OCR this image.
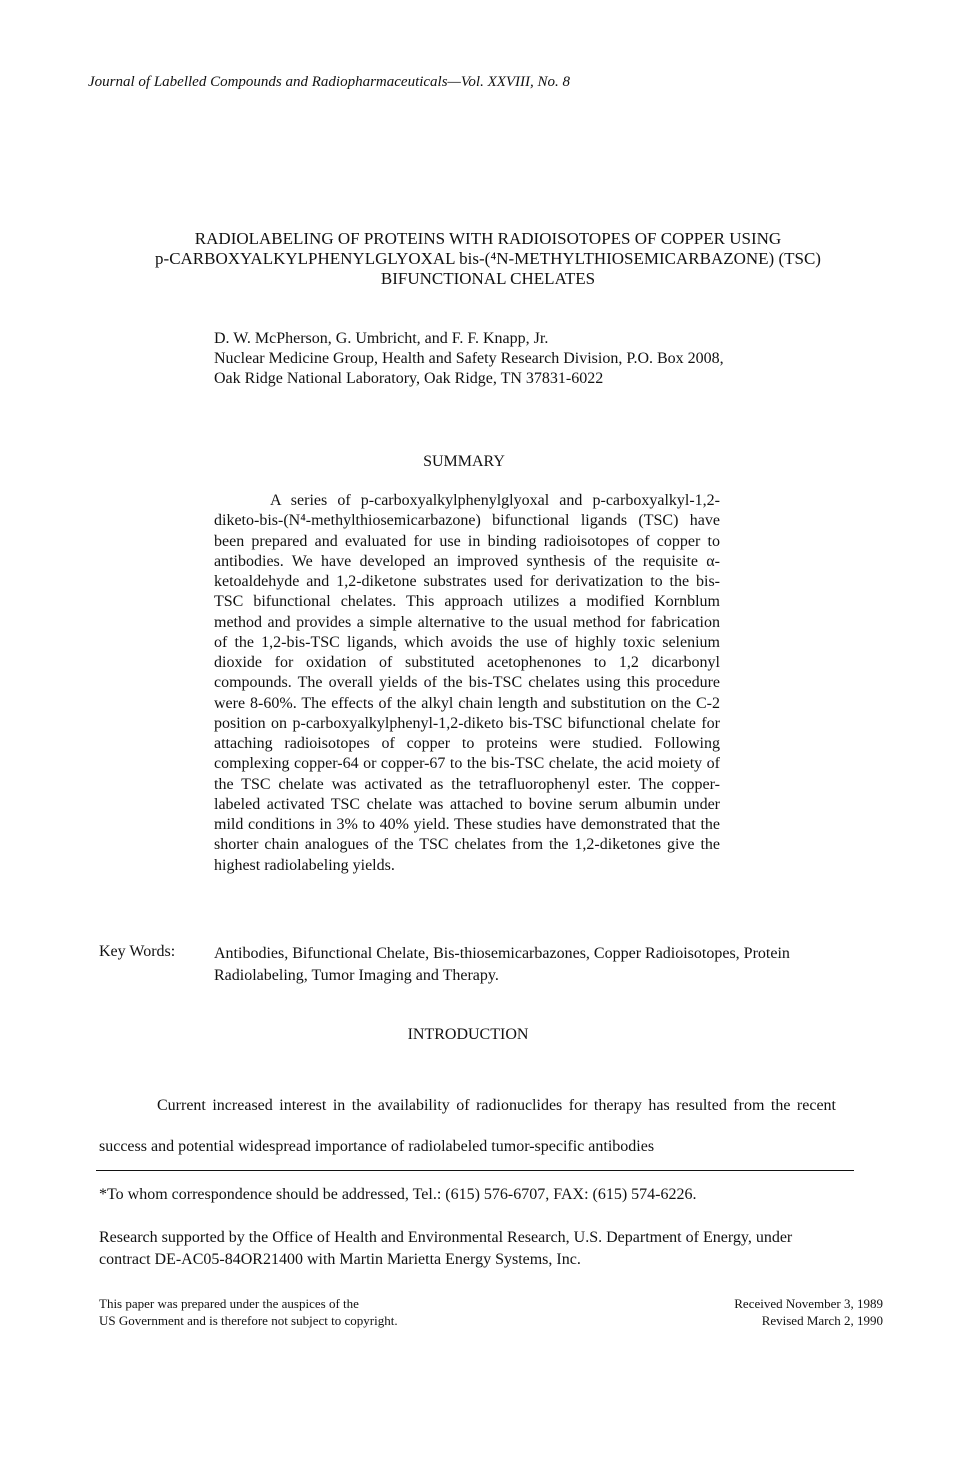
Journal of Labelled Compounds and Radiopharmaceuticals—Vol. XXVIII, No. 8
RADIOLABELING OF PROTEINS WITH RADIOISOTOPES OF COPPER USING
p-CARBOXYALKYLPHENYLGLYOXAL bis-(⁴N-METHYLTHIOSEMICARBAZONE) (TSC)
BIFUNCTIONAL CHELATES
D. W. McPherson, G. Umbricht, and F. F. Knapp, Jr.
Nuclear Medicine Group, Health and Safety Research Division, P.O. Box 2008, Oak Ridge National Laboratory, Oak Ridge, TN 37831-6022
SUMMARY

A series of p-carboxyalkylphenylglyoxal and p-carboxyalkyl-1,2-diketo-bis-(N⁴-methylthiosemicarbazone) bifunctional ligands (TSC) have been prepared and evaluated for use in binding radioisotopes of copper to antibodies. We have developed an improved synthesis of the requisite α-ketoaldehyde and 1,2-diketone substrates used for derivatization to the bis-TSC bifunctional chelates. This approach utilizes a modified Kornblum method and provides a simple alternative to the usual method for fabrication of the 1,2-bis-TSC ligands, which avoids the use of highly toxic selenium dioxide for oxidation of substituted acetophenones to 1,2 dicarbonyl compounds. The overall yields of the bis-TSC chelates using this procedure were 8-60%. The effects of the alkyl chain length and substitution on the C-2 position on p-carboxyalkylphenyl-1,2-diketo bis-TSC bifunctional chelate for attaching radioisotopes of copper to proteins were studied. Following complexing copper-64 or copper-67 to the bis-TSC chelate, the acid moiety of the TSC chelate was activated as the tetrafluorophenyl ester. The copper-labeled activated TSC chelate was attached to bovine serum albumin under mild conditions in 3% to 40% yield. These studies have demonstrated that the shorter chain analogues of the TSC chelates from the 1,2-diketones give the highest radiolabeling yields.

Key Words: Antibodies, Bifunctional Chelate, Bis-thiosemicarbazones, Copper Radioisotopes, Protein Radiolabeling, Tumor Imaging and Therapy.
INTRODUCTION

Current increased interest in the availability of radionuclides for therapy has resulted from the recent success and potential widespread importance of radiolabeled tumor-specific antibodies

*To whom correspondence should be addressed, Tel.: (615) 576-6707, FAX: (615) 574-6226.
Research supported by the Office of Health and Environmental Research, U.S. Department of Energy, under contract DE-AC05-84OR21400 with Martin Marietta Energy Systems, Inc.
This paper was prepared under the auspices of the
US Government and is therefore not subject to copyright.
Received November 3, 1989
Revised March 2, 1990
